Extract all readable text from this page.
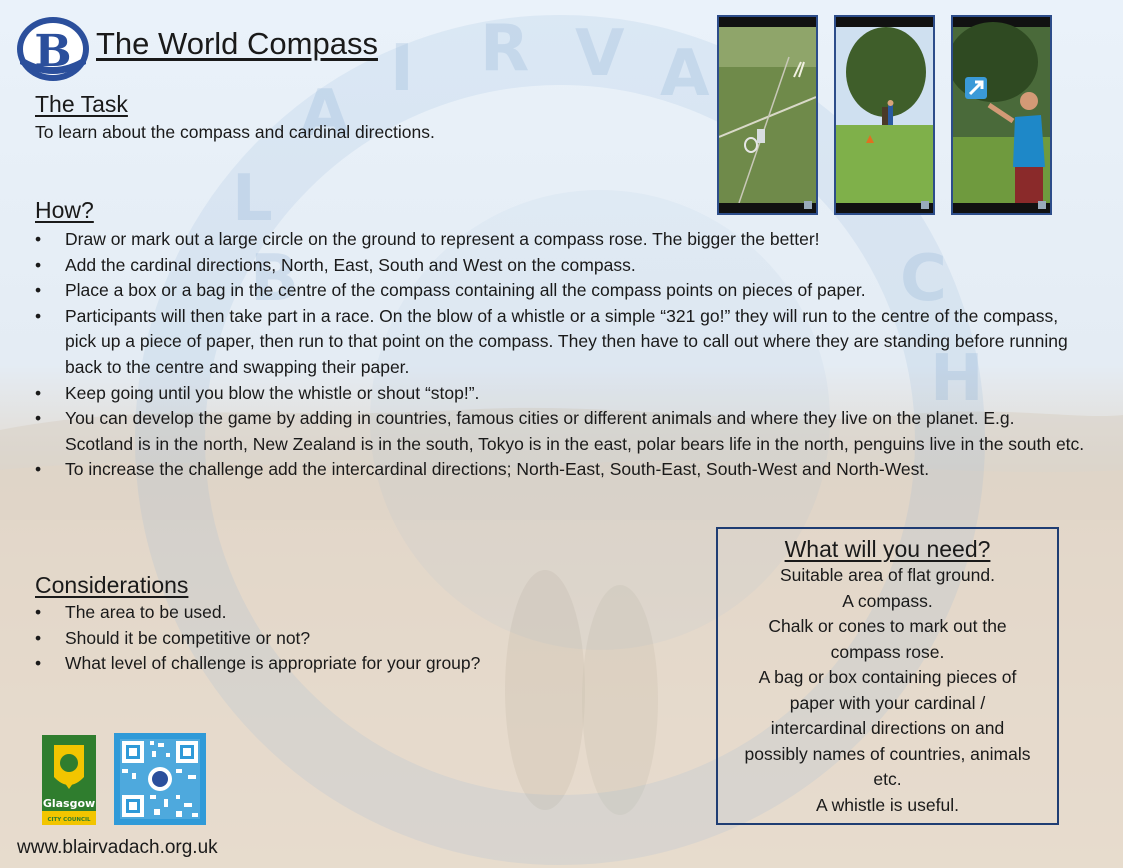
B
L
A
I R V A
C
H
B The World Compass
The Task
To learn about the compass and cardinal directions.
How?
• Draw or mark out a large circle on the ground to represent a compass rose. The bigger the better!
• Add the cardinal directions, North, East, South and West on the compass.
• Place a box or a bag in the centre of the compass containing all the compass points on pieces of paper.
• Participants will then take part in a race. On the blow of a whistle or a simple “321 go!” they will run to the centre of the compass, pick up a piece of paper, then run to that point on the compass. They then have to call out where they are standing before running back to the centre and swapping their paper.
• Keep going until you blow the whistle or shout “stop!”.
• You can develop the game by adding in countries, famous cities or different animals and where they live on the planet. E.g. Scotland is in the north, New Zealand is in the south, Tokyo is in the east, polar bears life in the north, penguins live in the south etc.
• To increase the challenge add the intercardinal directions; North-East, South-East, South-West and North-West.
Considerations
• The area to be used.
• Should it be competitive or not?
• What level of challenge is appropriate for your group?
What will you need?
Suitable area of flat ground.
A compass.
Chalk or cones to mark out the
compass rose.
A bag or box containing pieces of
paper with your cardinal /
intercardinal directions on and
possibly names of countries, animals
etc.
A whistle is useful.
Glasgow
CITY COUNCIL
www.blairvadach.org.uk
